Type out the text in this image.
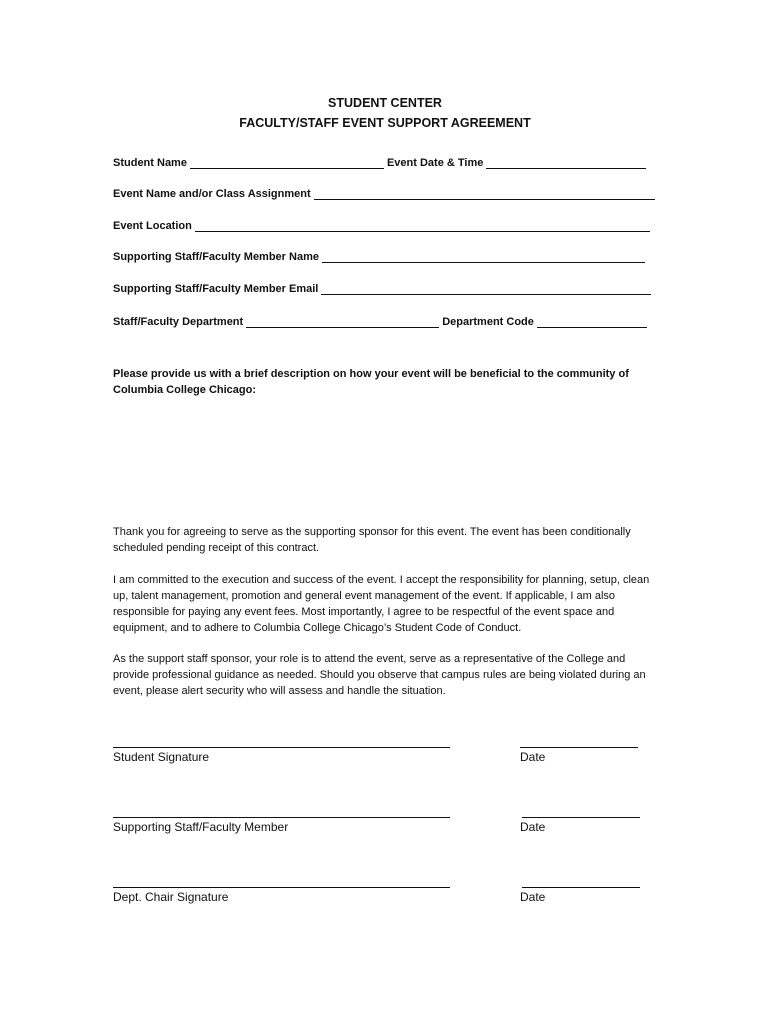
STUDENT CENTER
FACULTY/STAFF EVENT SUPPORT AGREEMENT
Student Name	Event Date & Time
Event Name and/or Class Assignment
Event Location
Supporting Staff/Faculty Member Name
Supporting Staff/Faculty Member Email
Staff/Faculty Department	Department Code
Please provide us with a brief description on how your event will be beneficial to the community of Columbia College Chicago:
Thank you for agreeing to serve as the supporting sponsor for this event. The event has been conditionally scheduled pending receipt of this contract.
I am committed to the execution and success of the event. I accept the responsibility for planning, setup, clean up, talent management, promotion and general event management of the event. If applicable, I am also responsible for paying any event fees. Most importantly, I agree to be respectful of the event space and equipment, and to adhere to Columbia College Chicago’s Student Code of Conduct.
As the support staff sponsor, your role is to attend the event, serve as a representative of the College and provide professional guidance as needed. Should you observe that campus rules are being violated during an event, please alert security who will assess and handle the situation.
Student Signature	Date
Supporting Staff/Faculty Member	Date
Dept. Chair Signature	Date
